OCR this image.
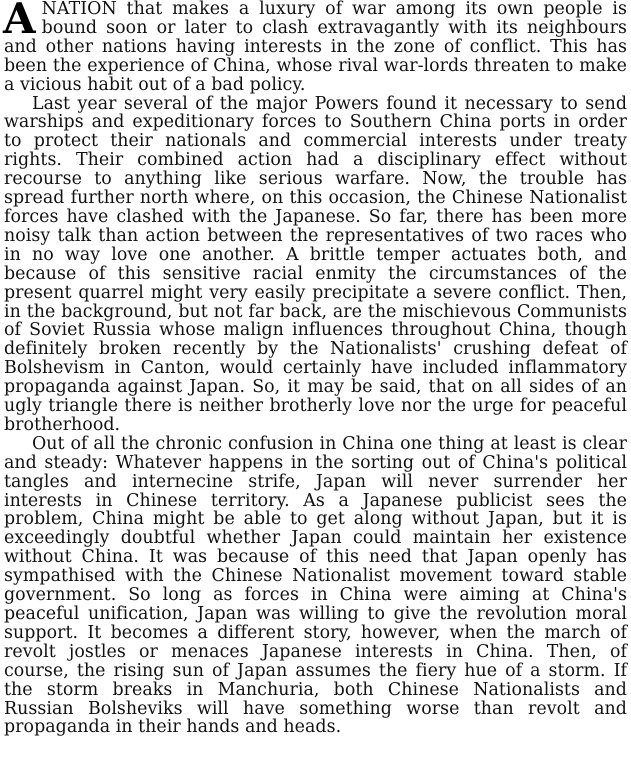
A NATION that makes a luxury of war among its own people is bound soon or later to clash extravagantly with its neighbours and other nations having interests in the zone of conflict. This has been the experience of China, whose rival war-lords threaten to make a vicious habit out of a bad policy.

Last year several of the major Powers found it necessary to send warships and expeditionary forces to Southern China ports in order to protect their nationals and commercial interests under treaty rights. Their combined action had a disciplinary effect without recourse to anything like serious warfare. Now, the trouble has spread further north where, on this occasion, the Chinese Nationalist forces have clashed with the Japanese. So far, there has been more noisy talk than action between the representatives of two races who in no way love one another. A brittle temper actuates both, and because of this sensitive racial enmity the circumstances of the present quarrel might very easily precipitate a severe conflict. Then, in the background, but not far back, are the mischievous Communists of Soviet Russia whose malign influences throughout China, though definitely broken recently by the Nationalists' crushing defeat of Bolshevism in Canton, would certainly have included inflammatory propaganda against Japan. So, it may be said, that on all sides of an ugly triangle there is neither brotherly love nor the urge for peaceful brotherhood.

Out of all the chronic confusion in China one thing at least is clear and steady: Whatever happens in the sorting out of China's political tangles and internecine strife, Japan will never surrender her interests in Chinese territory. As a Japanese publicist sees the problem, China might be able to get along without Japan, but it is exceedingly doubtful whether Japan could maintain her existence without China. It was because of this need that Japan openly has sympathised with the Chinese Nationalist movement toward stable government. So long as forces in China were aiming at China's peaceful unification, Japan was willing to give the revolution moral support. It becomes a different story, however, when the march of revolt jostles or menaces Japanese interests in China. Then, of course, the rising sun of Japan assumes the fiery hue of a storm. If the storm breaks in Manchuria, both Chinese Nationalists and Russian Bolsheviks will have something worse than revolt and propaganda in their hands and heads.
